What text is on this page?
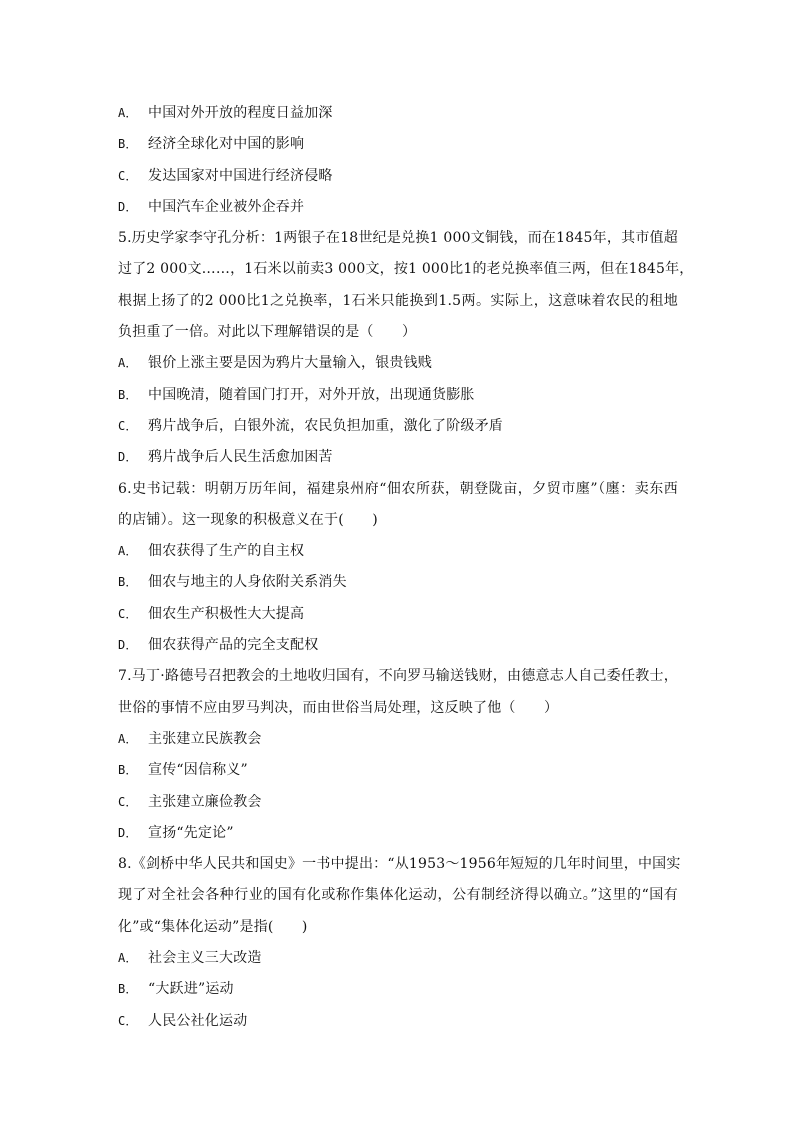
A． 中国对外开放的程度日益加深
B． 经济全球化对中国的影响
C． 发达国家对中国进行经济侵略
D． 中国汽车企业被外企吞并
5.历史学家李守孔分析：1两银子在18世纪是兑换1 000文铜钱，而在1845年，其市值超
过了2 000文……，1石米以前卖3 000文，按1 000比1的老兑换率值三两，但在1845年，
根据上扬了的2 000比1之兑换率，1石米只能换到1.5两。实际上，这意味着农民的租地
负担重了一倍。对此以下理解错误的是（　　）
A． 银价上涨主要是因为鸦片大量输入，银贵钱贱
B． 中国晚清，随着国门打开，对外开放，出现通货膨胀
C． 鸦片战争后，白银外流，农民负担加重，激化了阶级矛盾
D． 鸦片战争后人民生活愈加困苦
6.史书记载：明朝万历年间，福建泉州府“佃农所获，朝登陇亩，夕贸市廛”（廛：卖东西
的店铺）。这一现象的积极意义在于(　　)
A． 佃农获得了生产的自主权
B． 佃农与地主的人身依附关系消失
C． 佃农生产积极性大大提高
D． 佃农获得产品的完全支配权
7.马丁·路德号召把教会的土地收归国有，不向罗马输送钱财，由德意志人自己委任教士，
世俗的事情不应由罗马判决，而由世俗当局处理，这反映了他（　　）
A． 主张建立民族教会
B． 宣传“因信称义”
C． 主张建立廉俭教会
D． 宣扬“先定论”
8.《剑桥中华人民共和国史》一书中提出：“从1953～1956年短短的几年时间里，中国实
现了对全社会各种行业的国有化或称作集体化运动，公有制经济得以确立。”这里的“国有
化”或“集体化运动”是指(　　)
A． 社会主义三大改造
B． “大跃进”运动
C． 人民公社化运动
